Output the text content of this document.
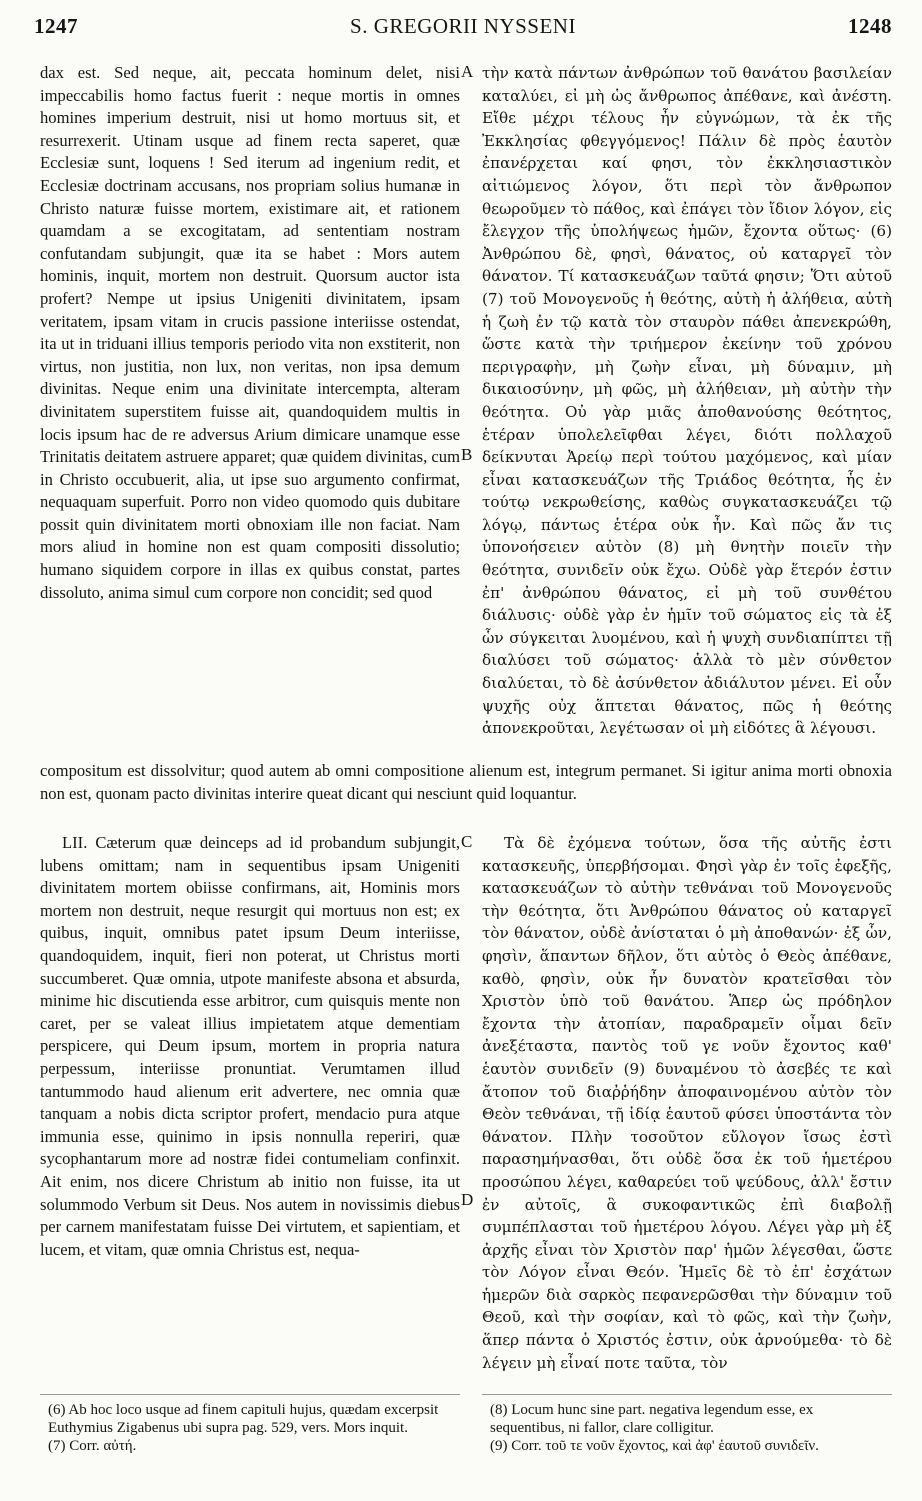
1247	S. GREGORII NYSSENI	1248

dax est. Sed neque, ait, peccata hominum delet, nisi impeccabilis homo factus fuerit : neque mortis in omnes homines imperium destruit, nisi ut homo mortuus sit, et resurrexerit. Utinam usque ad finem recta saperet, quæ Ecclesiæ sunt, loquens ! Sed iterum ad ingenium redit, et Ecclesiæ doctrinam accusans, nos propriam solius humanæ in Christo naturæ fuisse mortem, existimare ait, et rationem quamdam a se excogitatam, ad sententiam nostram confutandam subjungit, quæ ita se habet : Mors autem hominis, inquit, mortem non destruit. Quorsum auctor ista profert? Nempe ut ipsius Unigeniti divinitatem, ipsam veritatem, ipsam vitam in crucis passione interiisse ostendat, ita ut in triduani illius temporis periodo vita non exstiterit, non virtus, non justitia, non lux, non veritas, non ipsa demum divinitas. Neque enim una divinitate intercempta, alteram divinitatem superstitem fuisse ait, quandoquidem multis in locis ipsum hac de re adversus Arium dimicare unamque esse Trinitatis deitatem astruere apparet; quæ quidem divinitas, cum in Christo occubuerit, alia, ut ipse suo argumento confirmat, nequaquam superfuit. Porro non video quomodo quis dubitare possit quin divinitatem morti obnoxiam ille non faciat. Nam mors aliud in homine non est quam compositi dissolutio; humano siquidem corpore in illas ex quibus constat, partes dissoluto, anima simul cum corpore non concidit; sed quod

τὴν κατὰ πάντων ἀνθρώπων τοῦ θανάτου βασιλείαν καταλύει, εἰ μὴ ὡς ἄνθρωπος ἀπέθανε, καὶ ἀνέστη. Εἴθε μέχρι τέλους ἦν εὐγνώμων, τὰ ἐκ τῆς Ἐκκλησίας φθεγγόμενος! Πάλιν δὲ πρὸς ἑαυτὸν ἐπανέρχεται καί φησι, τὸν ἐκκλησιαστικὸν αἰτιώμενος λόγον, ὅτι περὶ τὸν ἄνθρωπον θεωροῦμεν τὸ πάθος, καὶ ἐπάγει τὸν ἴδιον λόγον, εἰς ἔλεγχον τῆς ὑπολήψεως ἡμῶν, ἔχοντα οὕτως· (6) Ἀνθρώπου δὲ, φησὶ, θάνατος, οὐ καταργεῖ τὸν θάνατον. Τί κατασκευάζων ταῦτά φησιν; Ὅτι αὐτοῦ (7) τοῦ Μονογενοῦς ἡ θεότης, αὐτὴ ἡ ἀλήθεια, αὐτὴ ἡ ζωὴ ἐν τῷ κατὰ τὸν σταυρὸν πάθει ἀπενεκρώθη, ὥστε κατὰ τὴν τριήμερον ἐκείνην τοῦ χρόνου περιγραφὴν, μὴ ζωὴν εἶναι, μὴ δύναμιν, μὴ δικαιοσύνην, μὴ φῶς, μὴ ἀλήθειαν, μὴ αὐτὴν τὴν θεότητα. Οὐ γὰρ μιᾶς ἀποθανούσης θεότητος, ἑτέραν ὑπολελεῖφθαι λέγει, διότι πολλαχοῦ δείκνυται Ἀρείῳ περὶ τούτου μαχόμενος, καὶ μίαν εἶναι κατασκευάζων τῆς Τριάδος θεότητα, ἧς ἐν τούτῳ νεκρωθείσης, καθὼς συγκατασκευάζει τῷ λόγῳ, πάντως ἑτέρα οὐκ ἦν. Καὶ πῶς ἄν τις ὑπονοήσειεν αὐτὸν (8) μὴ θνητὴν ποιεῖν τὴν θεότητα, συνιδεῖν οὐκ ἔχω. Οὐδὲ γὰρ ἕτερόν ἐστιν ἐπ' ἀνθρώπου θάνατος, εἰ μὴ τοῦ συνθέτου διάλυσις· οὐδὲ γὰρ ἐν ἡμῖν τοῦ σώματος εἰς τὰ ἐξ ὧν σύγκειται λυομένου, καὶ ἡ ψυχὴ συνδιαπίπτει τῇ διαλύσει τοῦ σώματος· ἀλλὰ τὸ μὲν σύνθετον διαλύεται, τὸ δὲ ἀσύνθετον ἀδιάλυτον μένει. Εἰ οὖν ψυχῆς οὐχ ἅπτεται θάνατος, πῶς ἡ θεότης ἀπονεκροῦται, λεγέτωσαν οἱ μὴ εἰδότες ἃ λέγουσι.

A
B
C
D

compositum est dissolvitur; quod autem ab omni compositione alienum est, integrum permanet. Si igitur anima morti obnoxia non est, quonam pacto divinitas interire queat dicant qui nesciunt quid loquantur.

LII. Cæterum quæ deinceps ad id probandum subjungit, lubens omittam; nam in sequentibus ipsam Unigeniti divinitatem mortem obiisse confirmans, ait, Hominis mors mortem non destruit, neque resurgit qui mortuus non est; ex quibus, inquit, omnibus patet ipsum Deum interiisse, quandoquidem, inquit, fieri non poterat, ut Christus morti succumberet. Quæ omnia, utpote manifeste absona et absurda, minime hic discutienda esse arbitror, cum quisquis mente non caret, per se valeat illius impietatem atque dementiam perspicere, qui Deum ipsum, mortem in propria natura perpessum, interiisse pronuntiat. Verumtamen illud tantummodo haud alienum erit advertere, nec omnia quæ tanquam a nobis dicta scriptor profert, mendacio pura atque immunia esse, quinimo in ipsis nonnulla reperiri, quæ sycophantarum more ad nostræ fidei contumeliam confinxit. Ait enim, nos dicere Christum ab initio non fuisse, ita ut solummodo Verbum sit Deus. Nos autem in novissimis diebus per carnem manifestatam fuisse Dei virtutem, et sapientiam, et lucem, et vitam, quæ omnia Christus est, nequa-

Τὰ δὲ ἐχόμενα τούτων, ὅσα τῆς αὐτῆς ἐστι κατασκευῆς, ὑπερβήσομαι. Φησὶ γὰρ ἐν τοῖς ἐφεξῆς, κατασκευάζων τὸ αὐτὴν τεθνάναι τοῦ Μονογενοῦς τὴν θεότητα, ὅτι Ἀνθρώπου θάνατος οὐ καταργεῖ τὸν θάνατον, οὐδὲ ἀνίσταται ὁ μὴ ἀποθανών· ἐξ ὧν, φησὶν, ἅπαντων δῆλον, ὅτι αὐτὸς ὁ Θεὸς ἀπέθανε, καθὸ, φησὶν, οὐκ ἦν δυνατὸν κρατεῖσθαι τὸν Χριστὸν ὑπὸ τοῦ θανάτου. Ἅπερ ὡς πρόδηλον ἔχοντα τὴν ἀτοπίαν, παραδραμεῖν οἶμαι δεῖν ἀνεξέταστα, παντὸς τοῦ γε νοῦν ἔχοντος καθ' ἑαυτὸν συνιδεῖν (9) δυναμένου τὸ ἀσεβές τε καὶ ἄτοπον τοῦ διαῤῥήδην ἀποφαινομένου αὐτὸν τὸν Θεὸν τεθνάναι, τῇ ἰδίᾳ ἑαυτοῦ φύσει ὑποστάντα τὸν θάνατον. Πλὴν τοσοῦτον εὔλογον ἴσως ἐστὶ παρασημήνασθαι, ὅτι οὐδὲ ὅσα ἐκ τοῦ ἡμετέρου προσώπου λέγει, καθαρεύει τοῦ ψεύδους, ἀλλ' ἔστιν ἐν αὐτοῖς, ἃ συκοφαντικῶς ἐπὶ διαβολῇ συμπέπλασται τοῦ ἡμετέρου λόγου. Λέγει γὰρ μὴ ἐξ ἀρχῆς εἶναι τὸν Χριστὸν παρ' ἡμῶν λέγεσθαι, ὥστε τὸν Λόγον εἶναι Θεόν. Ἡμεῖς δὲ τὸ ἐπ' ἐσχάτων ἡμερῶν διὰ σαρκὸς πεφανερῶσθαι τὴν δύναμιν τοῦ Θεοῦ, καὶ τὴν σοφίαν, καὶ τὸ φῶς, καὶ τὴν ζωὴν, ἅπερ πάντα ὁ Χριστός ἐστιν, οὐκ ἀρνούμεθα· τὸ δὲ λέγειν μὴ εἶναί ποτε ταῦτα, τὸν

(6) Ab hoc loco usque ad finem capituli hujus, quædam excerpsit Euthymius Zigabenus ubi supra pag. 529, vers. Mors inquit.

(7) Corr. αὐτή.

(8) Locum hunc sine part. negativa legendum esse, ex sequentibus, ni fallor, clare colligitur.

(9) Corr. τοῦ τε νοῦν ἔχοντος, καὶ ἀφ' ἑαυτοῦ συνιδεῖν.
